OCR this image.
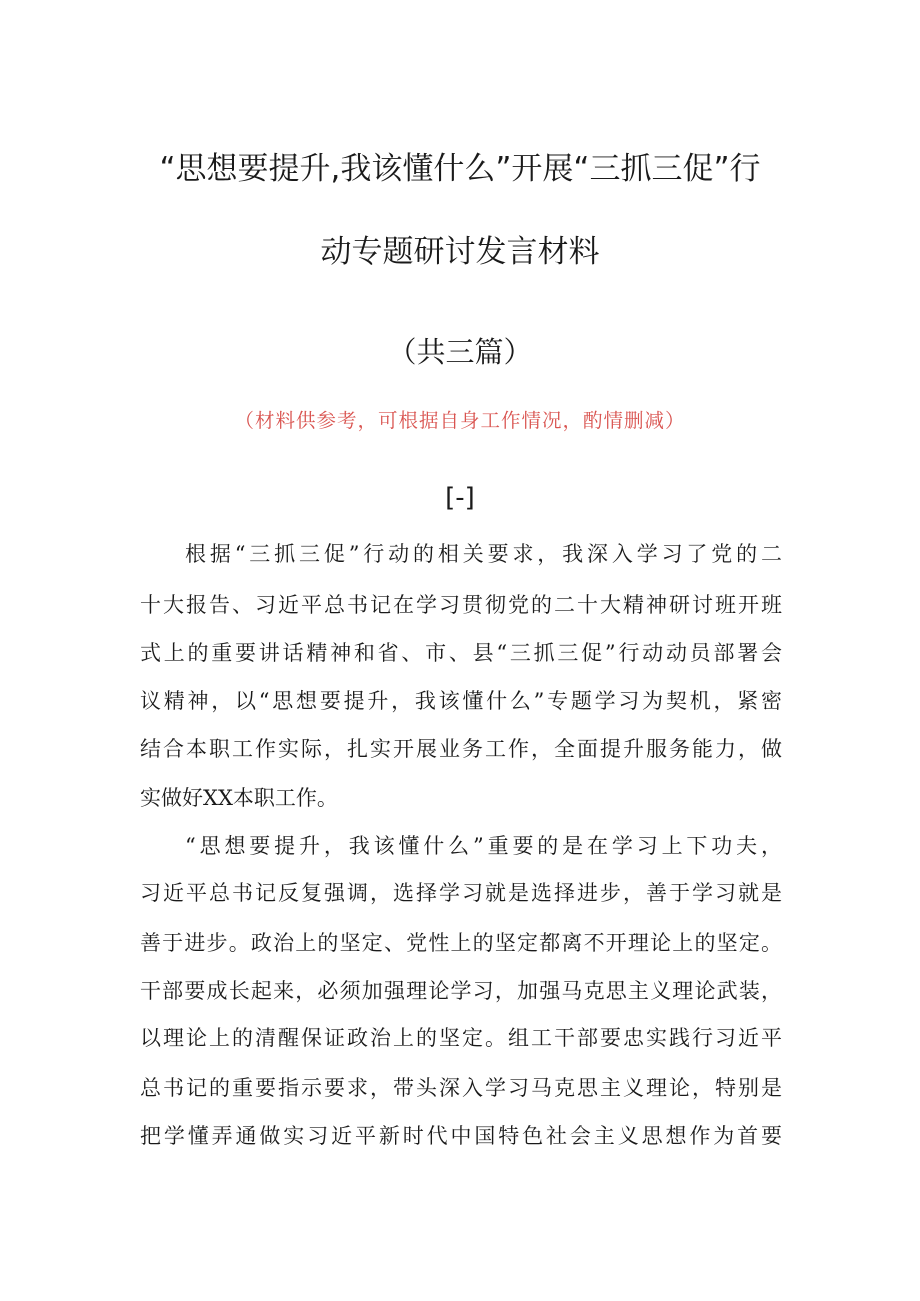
“思想要提升,我该懂什么”开展“三抓三促”行
动专题研讨发言材料
（共三篇）
（材料供参考，可根据自身工作情况，酌情删减）
[-]
根据“三抓三促”行动的相关要求，我深入学习了党的二
十大报告、习近平总书记在学习贯彻党的二十大精神研讨班开班
式上的重要讲话精神和省、市、县“三抓三促”行动动员部署会
议精神，以“思想要提升，我该懂什么”专题学习为契机，紧密
结合本职工作实际，扎实开展业务工作，全面提升服务能力，做
实做好XX本职工作。
“思想要提升，我该懂什么”重要的是在学习上下功夫，
习近平总书记反复强调，选择学习就是选择进步，善于学习就是
善于进步。政治上的坚定、党性上的坚定都离不开理论上的坚定。
干部要成长起来，必须加强理论学习，加强马克思主义理论武装，
以理论上的清醒保证政治上的坚定。组工干部要忠实践行习近平
总书记的重要指示要求，带头深入学习马克思主义理论，特别是
把学懂弄通做实习近平新时代中国特色社会主义思想作为首要
